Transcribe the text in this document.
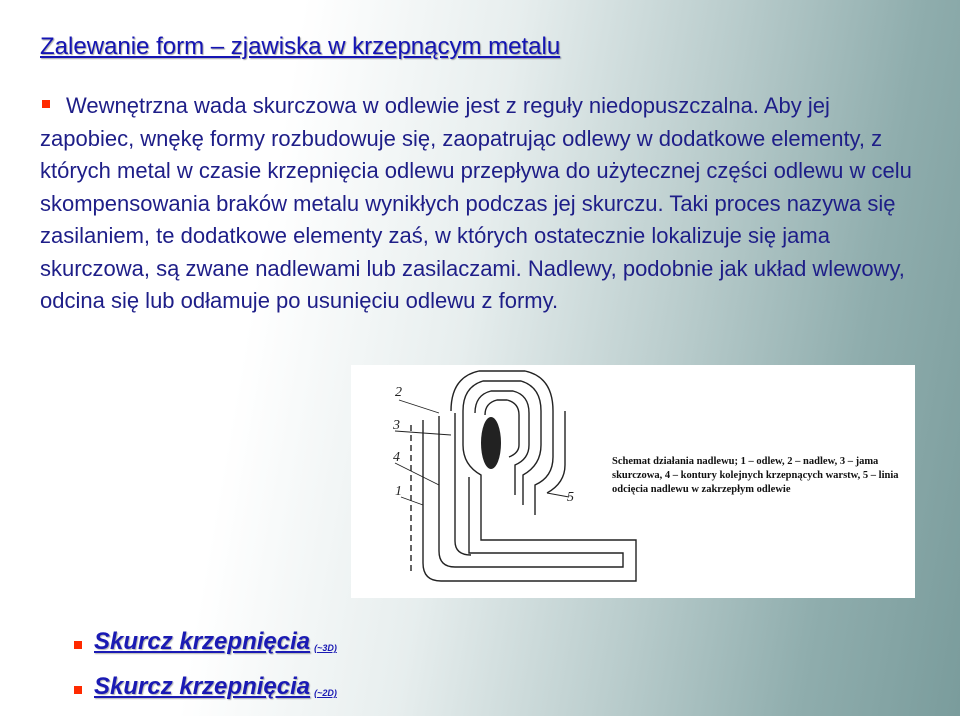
Zalewanie form – zjawiska w krzepnącym metalu

Wewnętrzna wada skurczowa w odlewie jest z reguły niedopuszczalna. Aby jej zapobiec, wnękę formy rozbudowuje się, zaopatrując odlewy w dodatkowe elementy, z których metal w czasie krzepnięcia odlewu przepływa do użytecznej części odlewu w celu skompensowania braków metalu wynikłych podczas jej skurczu. Taki proces nazywa się zasilaniem, te dodatkowe elementy zaś, w których ostatecznie lokalizuje się jama skurczowa, są zwane nadlewami lub zasilaczami. Nadlewy, podobnie jak układ wlewowy, odcina się lub odłamuje po usunięciu odlewu z formy.

2
3
4
1	5

Schemat działania nadlewu; 1 – odlew, 2 – nadlew, 3 – jama skurczowa, 4 – kontury kolejnych krzepnących warstw, 5 – linia odcięcia nadlewu w zakrzepłym odlewie

Skurcz krzepnięcia (~3D)
Skurcz krzepnięcia (~2D)
